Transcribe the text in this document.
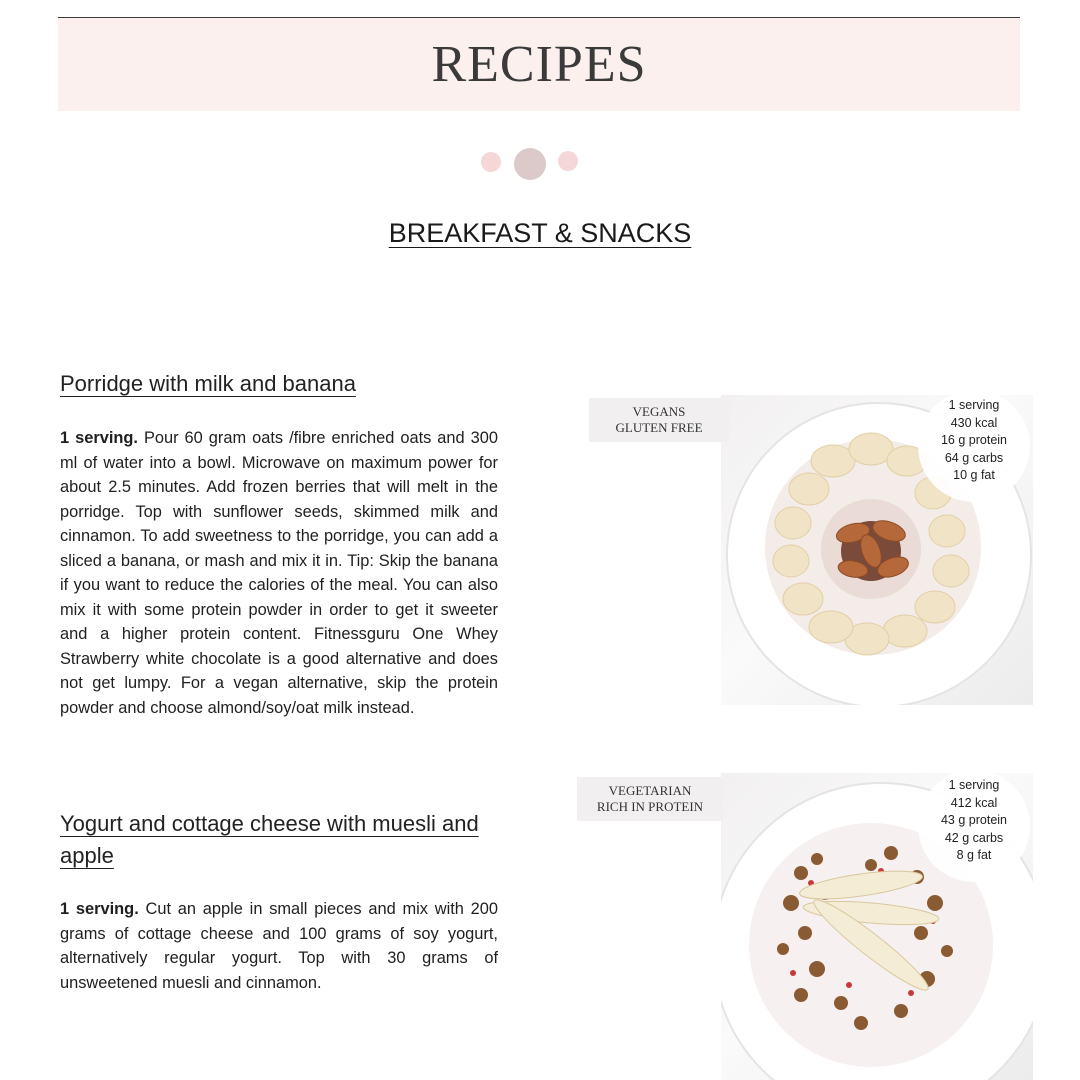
RECIPES
BREAKFAST & SNACKS
Porridge with milk and banana

1 serving. Pour 60 gram oats /fibre enriched oats and 300 ml of water into a bowl. Microwave on maximum power for about 2.5 minutes. Add frozen berries that will melt in the porridge. Top with sunflower seeds, skimmed milk and cinnamon. To add sweetness to the porridge, you can add a sliced a banana, or mash and mix it in. Tip: Skip the banana if you want to reduce the calories of the meal. You can also mix it with some protein powder in order to get it sweeter and a higher protein content. Fitnessguru One Whey Strawberry white chocolate is a good alternative and does not get lumpy. For a vegan alternative, skip the protein powder and choose almond/soy/oat milk instead.

VEGANS
GLUTEN FREE
1 serving
430 kcal
16 g protein
64 g carbs
10 g fat
Yogurt and cottage cheese with muesli and apple

1 serving. Cut an apple in small pieces and mix with 200 grams of cottage cheese and 100 grams of soy yogurt, alternatively regular yogurt. Top with 30 grams of unsweetened muesli and cinnamon.

VEGETARIAN
RICH IN PROTEIN
1 serving
412 kcal
43 g protein
42 g carbs
8 g fat
